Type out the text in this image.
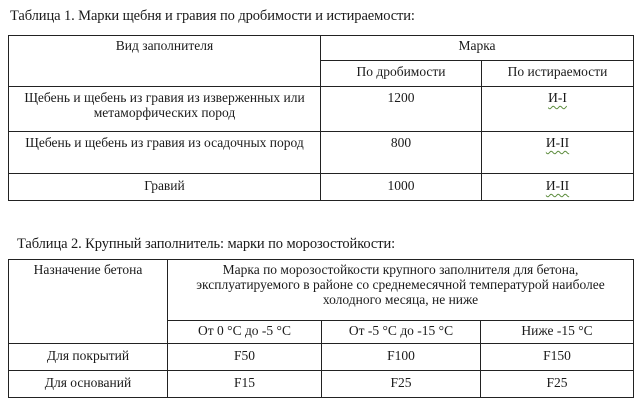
Таблица 1. Марки щебня и гравия по дробимости и истираемости:
Вид заполнителя	Марка	
	По дробимости	По истираемости
Щебень и щебень из гравия из изверженных или метаморфических пород	1200	И-I
Щебень и щебень из гравия из осадочных пород	800	И-II
Гравий	1000	И-II
Таблица 2. Крупный заполнитель: марки по морозостойкости:
Назначение бетона	Марка по морозостойкости крупного заполнителя для бетона, эксплуатируемого в районе со среднемесячной температурой наиболее холодного месяца, не ниже		
	От 0 °С до -5 °С	От -5 °С до -15 °С	Ниже -15 °С
Для покрытий	F50	F100	F150
Для оснований	F15	F25	F25
